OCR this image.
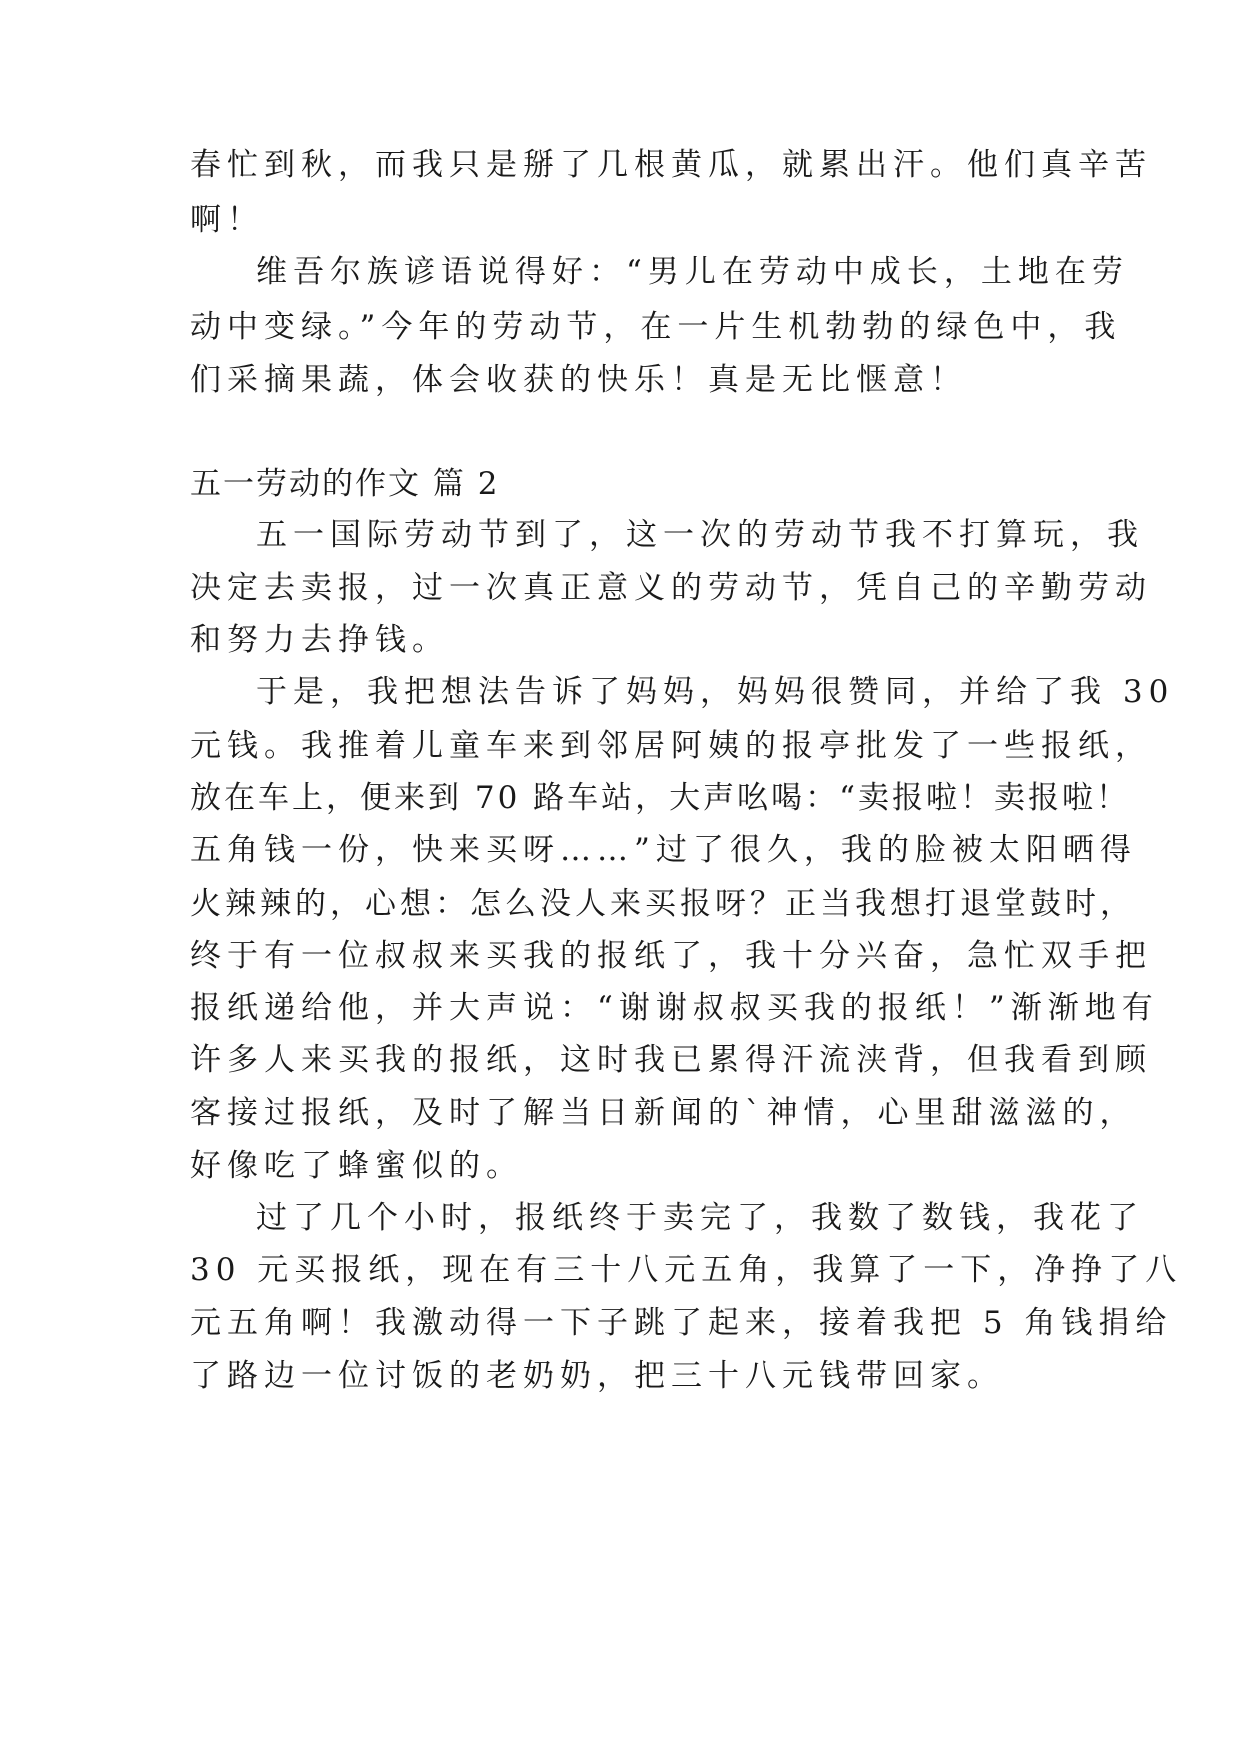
春忙到秋，而我只是掰了几根黄瓜，就累出汗。他们真辛苦
啊！
维吾尔族谚语说得好：“男儿在劳动中成长，土地在劳
动中变绿。”今年的劳动节，在一片生机勃勃的绿色中，我
们采摘果蔬，体会收获的快乐！真是无比惬意！
五一劳动的作文 篇 2
五一国际劳动节到了，这一次的劳动节我不打算玩，我
决定去卖报，过一次真正意义的劳动节，凭自己的辛勤劳动
和努力去挣钱。
于是，我把想法告诉了妈妈，妈妈很赞同，并给了我 30
元钱。我推着儿童车来到邻居阿姨的报亭批发了一些报纸，
放在车上，便来到 70 路车站，大声吆喝：“卖报啦！卖报啦！
五角钱一份，快来买呀……”过了很久，我的脸被太阳晒得
火辣辣的，心想：怎么没人来买报呀？正当我想打退堂鼓时，
终于有一位叔叔来买我的报纸了，我十分兴奋，急忙双手把
报纸递给他，并大声说：“谢谢叔叔买我的报纸！”渐渐地有
许多人来买我的报纸，这时我已累得汗流浃背，但我看到顾
客接过报纸，及时了解当日新闻的`神情，心里甜滋滋的，
好像吃了蜂蜜似的。
过了几个小时，报纸终于卖完了，我数了数钱，我花了
30 元买报纸，现在有三十八元五角，我算了一下，净挣了八
元五角啊！我激动得一下子跳了起来，接着我把 5 角钱捐给
了路边一位讨饭的老奶奶，把三十八元钱带回家。
